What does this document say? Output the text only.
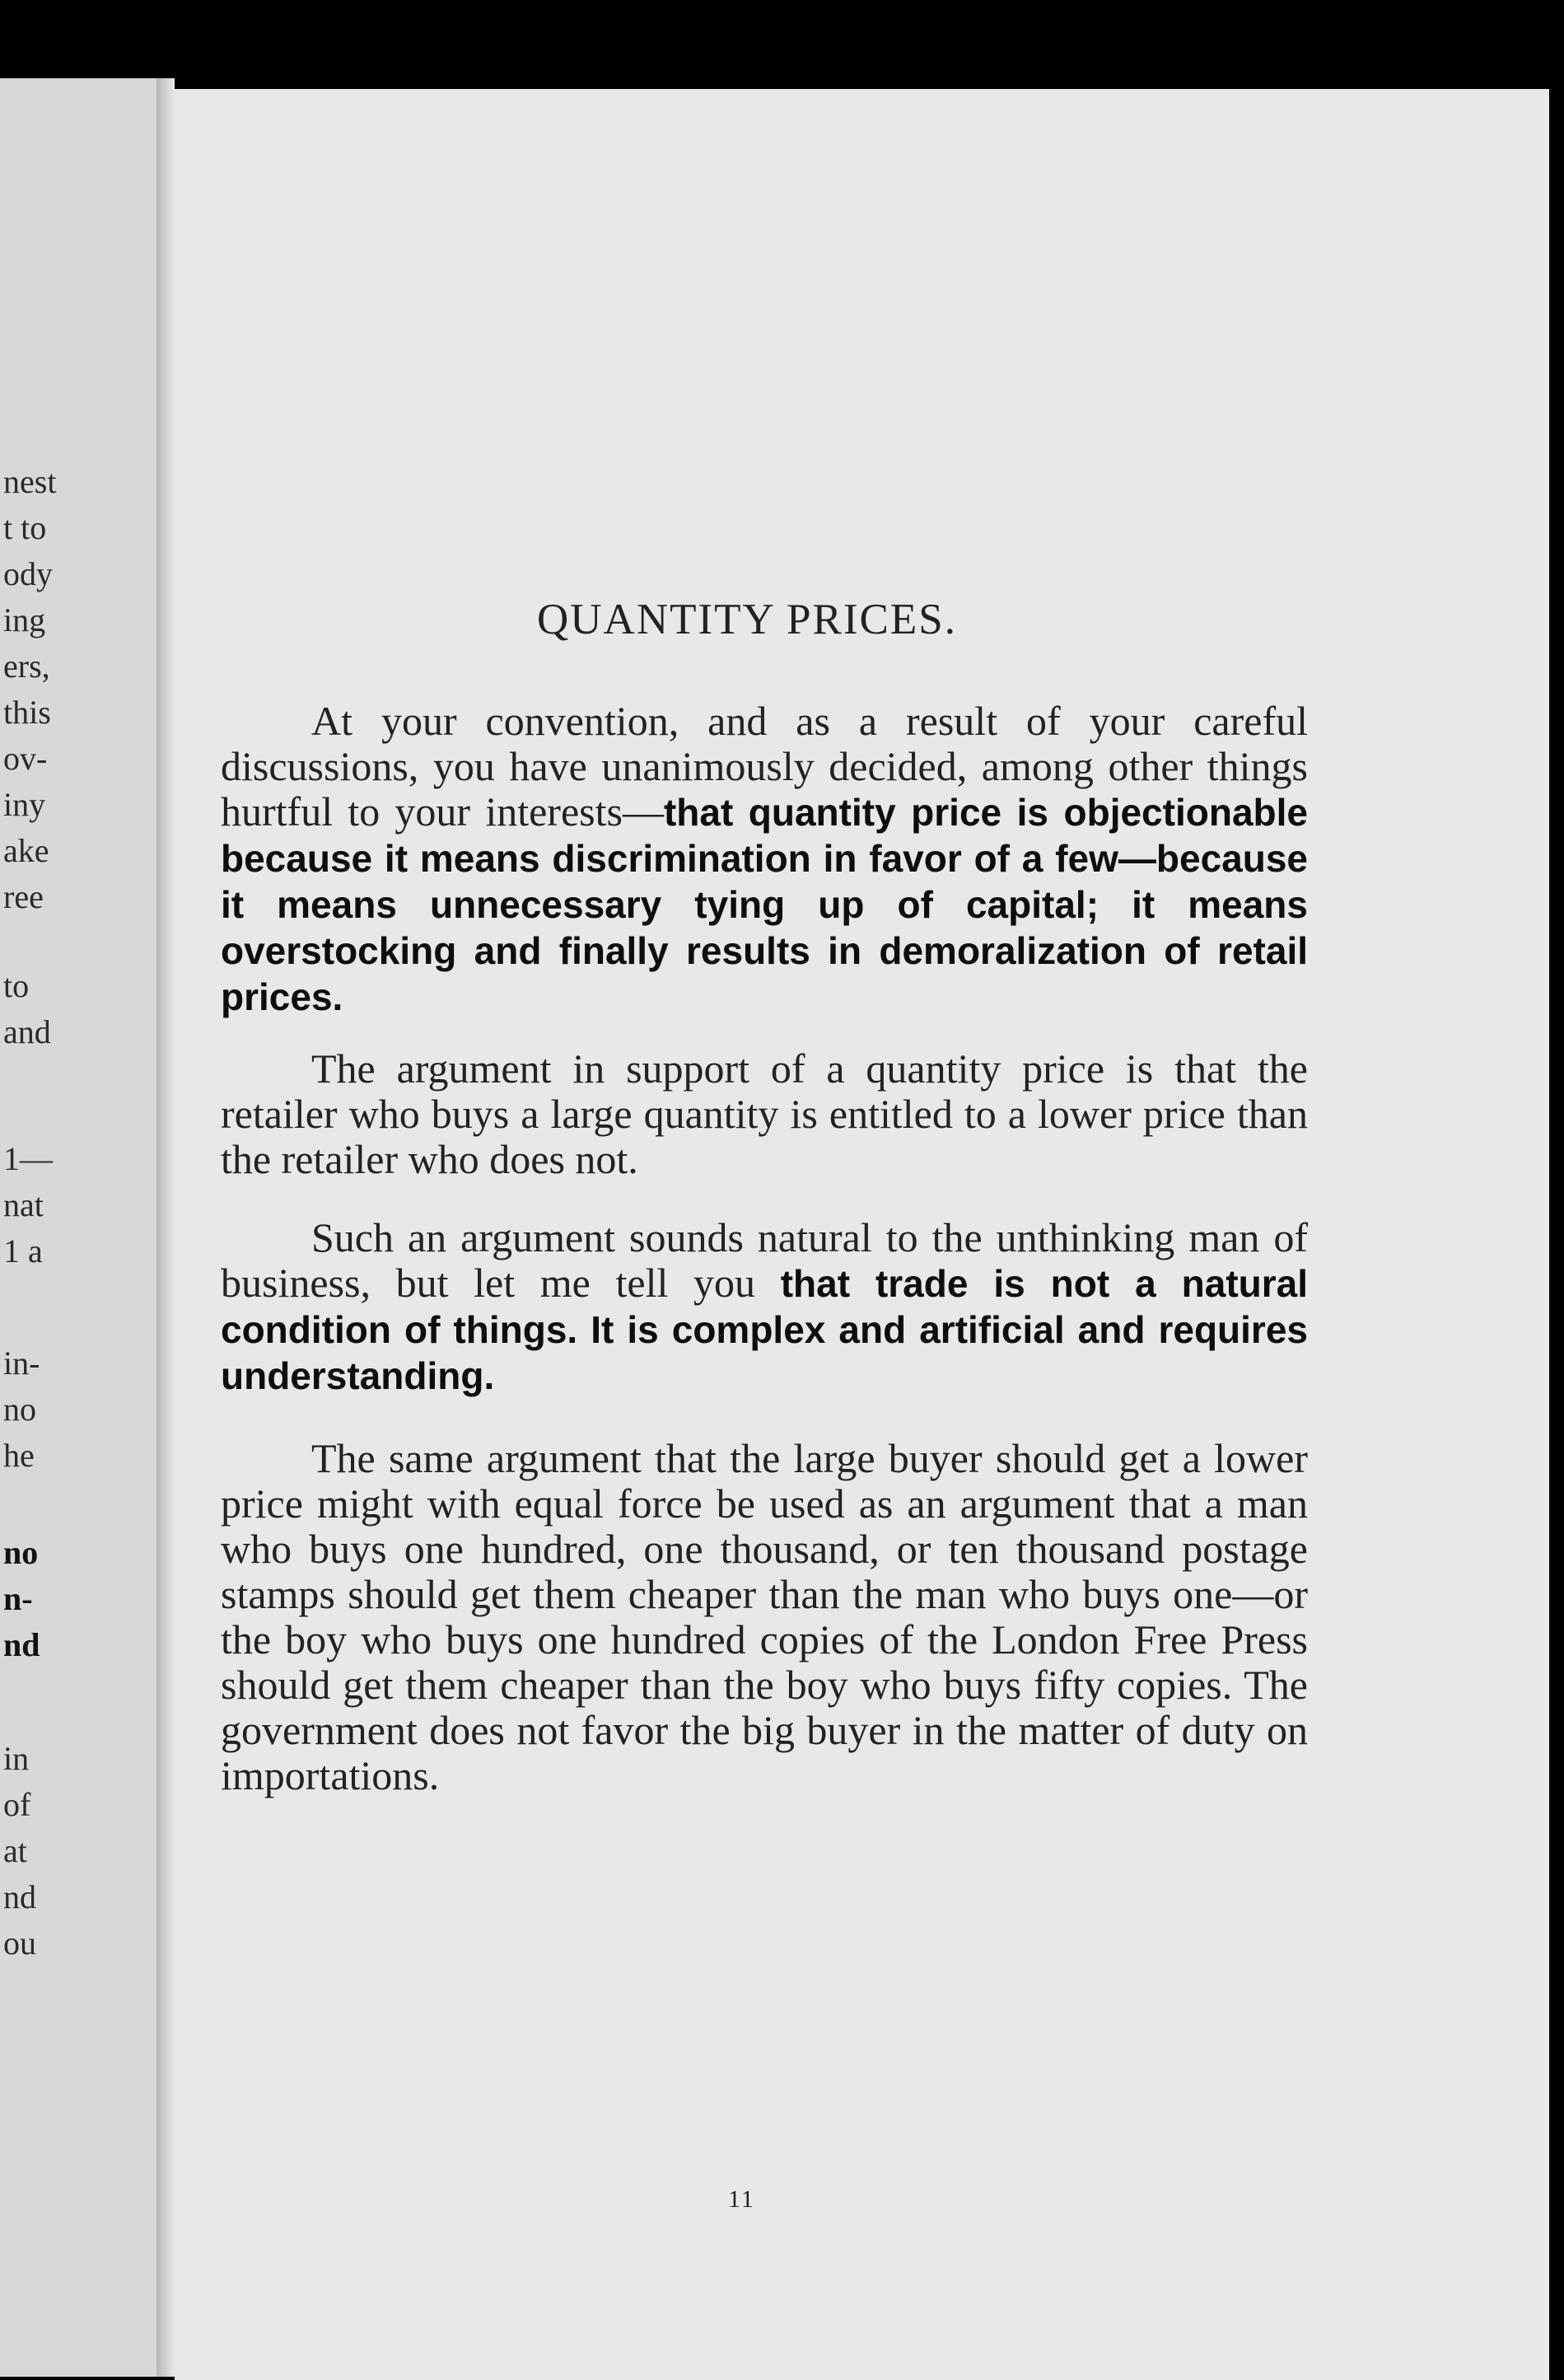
nest
t to
ody
ing
ers,
this
ov-
iny
ake
ree
to
and
1—
nat
1 a
in-
no
he
no
n-
nd
in
of
at
nd
ou
QUANTITY PRICES.

At your convention, and as a result of your careful discussions, you have unanimously decided, among other things hurtful to your interests—that quantity price is objectionable because it means discrimination in favor of a few—because it means unnecessary tying up of capital; it means overstocking and finally results in demoralization of retail prices.

The argument in support of a quantity price is that the retailer who buys a large quantity is entitled to a lower price than the retailer who does not.

Such an argument sounds natural to the unthinking man of business, but let me tell you that trade is not a natural condition of things. It is complex and artificial and requires understanding.

The same argument that the large buyer should get a lower price might with equal force be used as an argument that a man who buys one hundred, one thousand, or ten thousand postage stamps should get them cheaper than the man who buys one—or the boy who buys one hundred copies of the London Free Press should get them cheaper than the boy who buys fifty copies. The government does not favor the big buyer in the matter of duty on importations.

11
